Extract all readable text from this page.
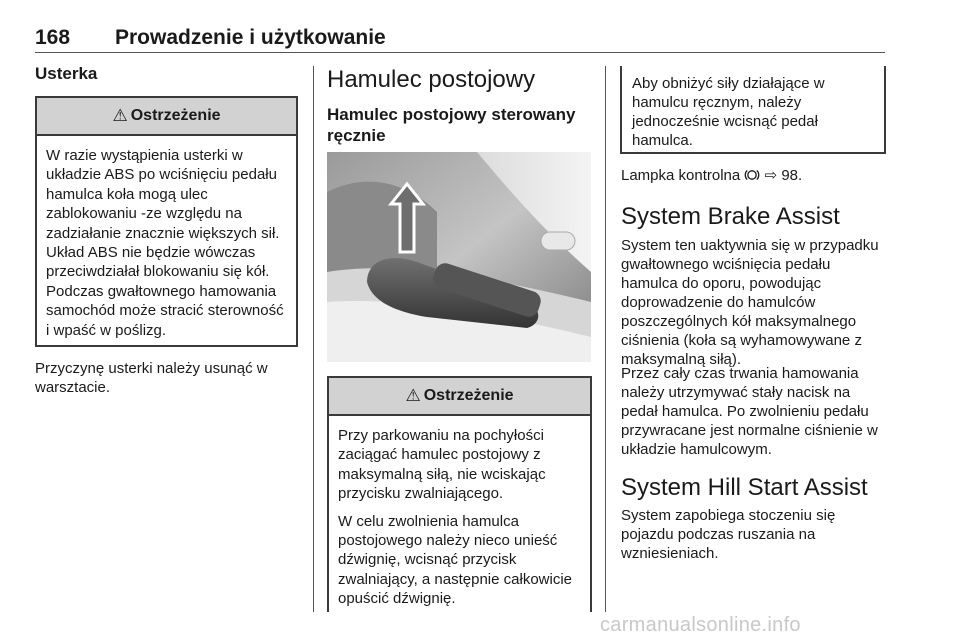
168 Prowadzenie i użytkowanie
Usterka
⚠ Ostrzeżenie

W razie wystąpienia usterki w układzie ABS po wciśnięciu pedału hamulca koła mogą ulec zablokowaniu -ze względu na zadziałanie znacznie większych sił. Układ ABS nie będzie wówczas przeciwdziałał blokowaniu się kół. Podczas gwałtownego hamowania samochód może stracić sterowność i wpaść w poślizg.

Przyczynę usterki należy usunąć w warsztacie.

Hamulec postojowy
Hamulec postojowy sterowany ręcznie
⚠ Ostrzeżenie

Przy parkowaniu na pochyłości zaciągać hamulec postojowy z maksymalną siłą, nie wciskając przycisku zwalniającego.

W celu zwolnienia hamulca postojowego należy nieco unieść dźwignię, wcisnąć przycisk zwalniający, a następnie całkowicie opuścić dźwignię.

Aby obniżyć siły działające w hamulcu ręcznym, należy jednocześnie wcisnąć pedał hamulca.

Lampka kontrolna ⇨ 98.

System Brake Assist

System ten uaktywnia się w przypadku gwałtownego wciśnięcia pedału hamulca do oporu, powodując doprowadzenie do hamulców poszczególnych kół maksymalnego ciśnienia (koła są wyhamowywane z maksymalną siłą).

Przez cały czas trwania hamowania należy utrzymywać stały nacisk na pedał hamulca. Po zwolnieniu pedału przywracane jest normalne ciśnienie w układzie hamulcowym.

System Hill Start Assist

System zapobiega stoczeniu się pojazdu podczas ruszania na wzniesieniach.

carmanualsonline.info
